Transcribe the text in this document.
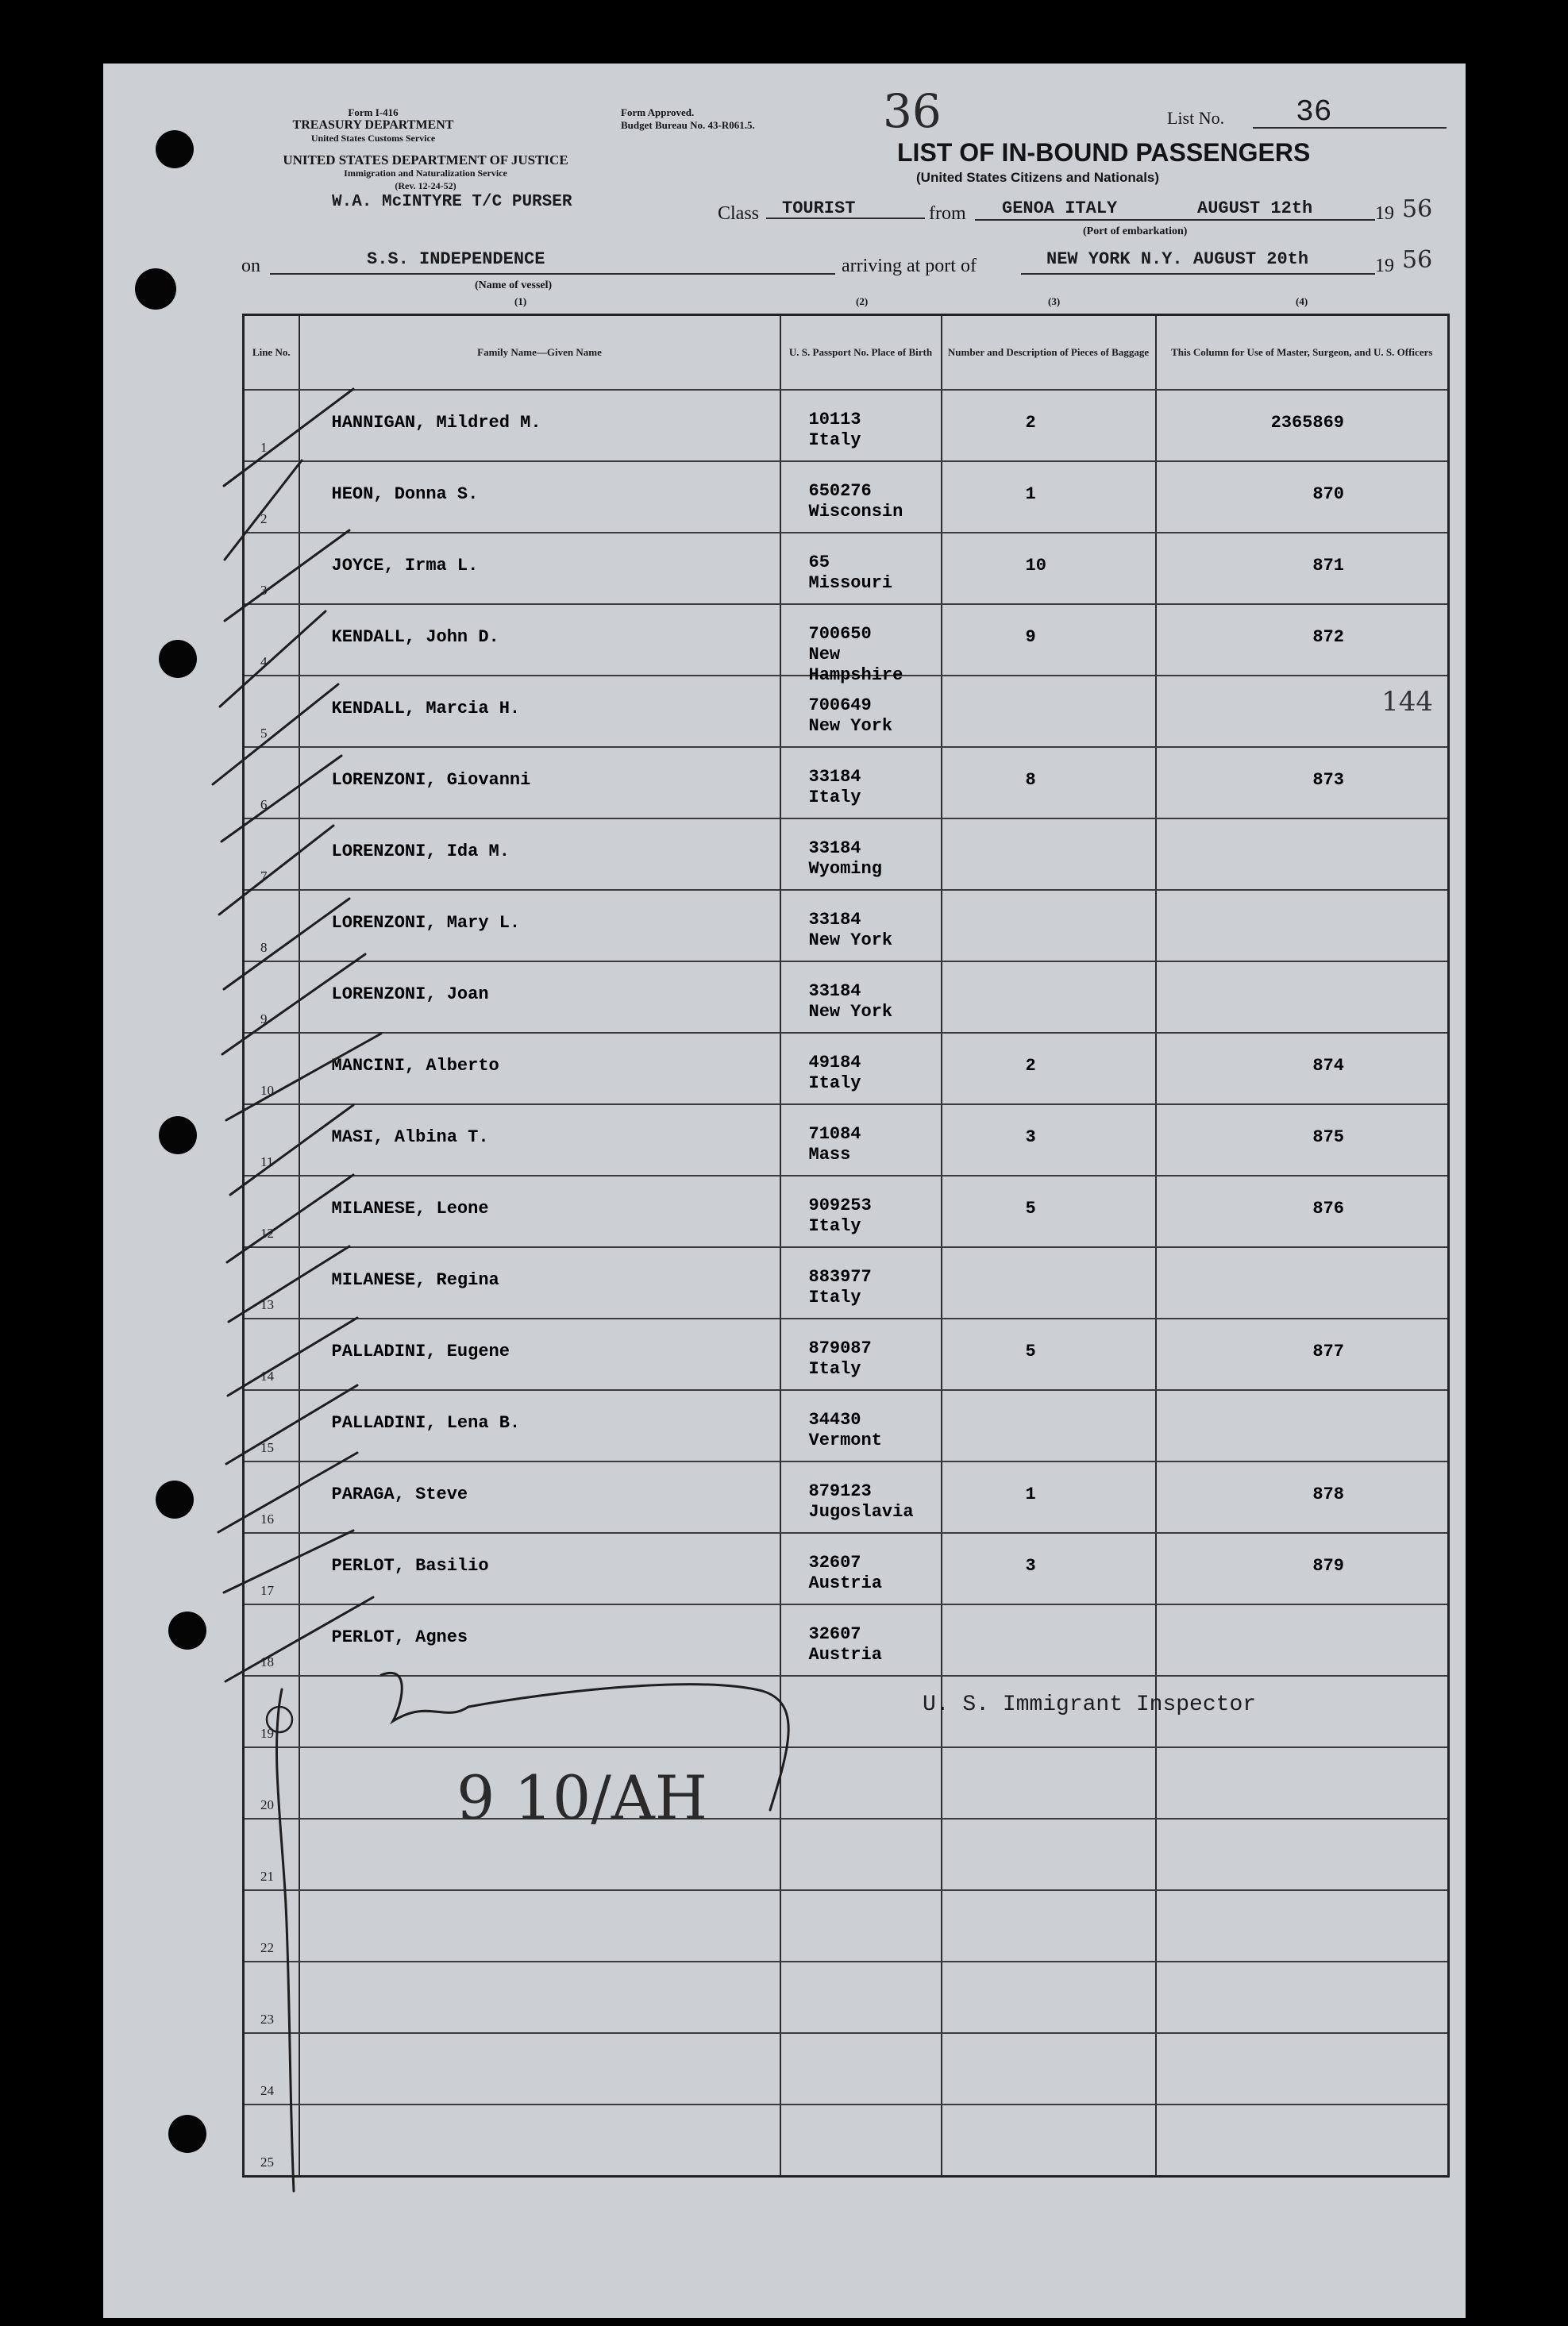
Form I-416
TREASURY DEPARTMENT
United States Customs Service
UNITED STATES DEPARTMENT OF JUSTICE
Immigration and Naturalization Service
(Rev. 12-24-52)
W.A. McINTYRE T/C PURSER
Form Approved.
Budget Bureau No. 43-R061.5.	36	List No. 36
LIST OF IN-BOUND PASSENGERS
(United States Citizens and Nationals)
Class TOURIST	from GENOA ITALY	AUGUST 12th	19 56
(Port of embarkation)
on	S.S. INDEPENDENCE
(Name of vessel)
arriving at port of	NEW YORK N.Y. AUGUST 20th	19 56
(1)	(2)	(3)	(4)
Line No.	Family Name—Given Name	U. S. Passport No. Place of Birth	Number and Description of Pieces of Baggage	This Column for Use of Master, Surgeon, and U. S. Officers

1	HANNIGAN, Mildred M.	10113
Italy	2	2365869

2	HEON, Donna S.	650276
Wisconsin	1	870

3	JOYCE, Irma L.	65
Missouri	10	871

4	KENDALL, John D.	700650
New Hampshire	9	872

5	KENDALL, Marcia H.	700649
New York		144

6	LORENZONI, Giovanni	33184
Italy	8	873

7	LORENZONI, Ida M.	33184
Wyoming		

8	LORENZONI, Mary L.	33184
New York		

9	LORENZONI, Joan	33184
New York		

10	MANCINI, Alberto	49184
Italy	2	874

11	MASI, Albina T.	71084
Mass	3	875

12	MILANESE, Leone	909253
Italy	5	876

13	MILANESE, Regina	883977
Italy		

14	PALLADINI, Eugene	879087
Italy	5	877

15	PALLADINI, Lena B.	34430
Vermont		

16	PARAGA, Steve	879123
Jugoslavia	1	878

17	PERLOT, Basilio	32607
Austria	3	879

18	PERLOT, Agnes	32607
Austria		

19				

20				

21				

22				

23				

24				

25				

U. S. Immigrant Inspector
9 10/AH
